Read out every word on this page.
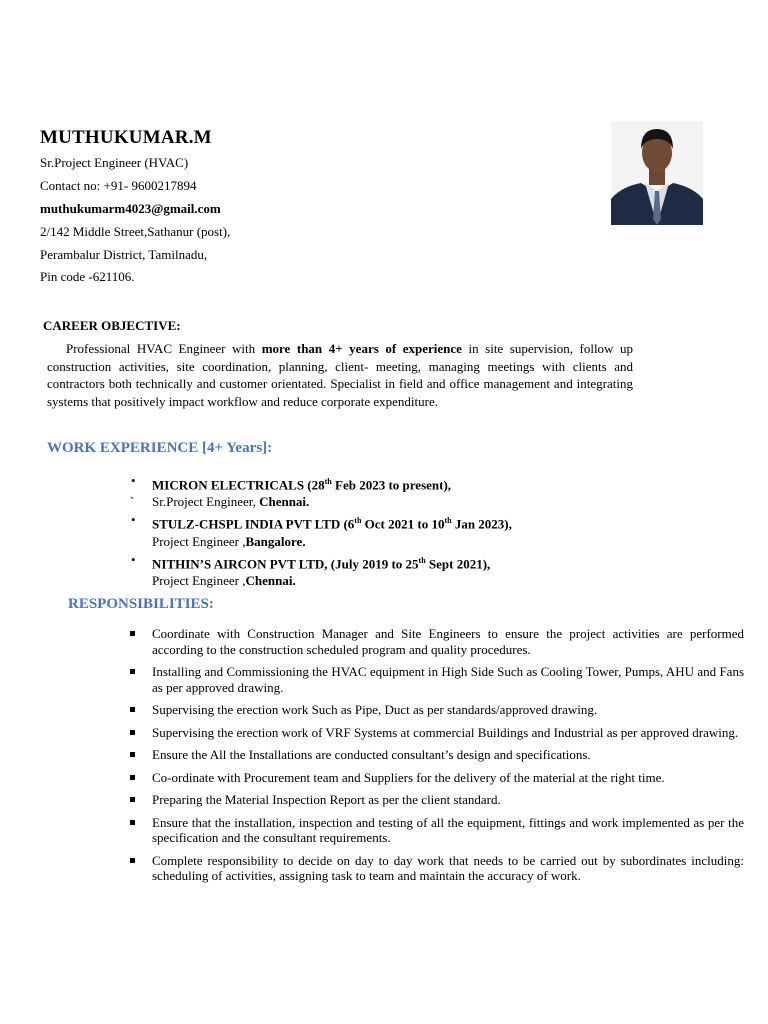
MUTHUKUMAR.M
Sr.Project Engineer (HVAC)
Contact no: +91- 9600217894
muthukumarm4023@gmail.com
2/142 Middle Street,Sathanur (post),
Perambalur District, Tamilnadu,
Pin code -621106.
CAREER OBJECTIVE:
Professional HVAC Engineer with more than 4+ years of experience in site supervision, follow up construction activities, site coordination, planning, client- meeting, managing meetings with clients and contractors both technically and customer orientated. Specialist in field and office management and integrating systems that positively impact workflow and reduce corporate expenditure.
WORK EXPERIENCE [4+ Years]:
• MICRON ELECTRICALS (28th Feb 2023 to present),
` Sr.Project Engineer, Chennai.
• STULZ-CHSPL INDIA PVT LTD (6th Oct 2021 to 10th Jan 2023),
Project Engineer ,Bangalore.
• NITHIN’S AIRCON PVT LTD, (July 2019 to 25th Sept 2021),
Project Engineer ,Chennai.
RESPONSIBILITIES:
Coordinate with Construction Manager and Site Engineers to ensure the project activities are performed according to the construction scheduled program and quality procedures.
Installing and Commissioning the HVAC equipment in High Side Such as Cooling Tower, Pumps, AHU and Fans as per approved drawing.
Supervising the erection work Such as Pipe, Duct as per standards/approved drawing.
Supervising the erection work of VRF Systems at commercial Buildings and Industrial as per approved drawing.
Ensure the All the Installations are conducted consultant’s design and specifications.
Co-ordinate with Procurement team and Suppliers for the delivery of the material at the right time.
Preparing the Material Inspection Report as per the client standard.
Ensure that the installation, inspection and testing of all the equipment, fittings and work implemented as per the specification and the consultant requirements.
Complete responsibility to decide on day to day work that needs to be carried out by subordinates including: scheduling of activities, assigning task to team and maintain the accuracy of work.
